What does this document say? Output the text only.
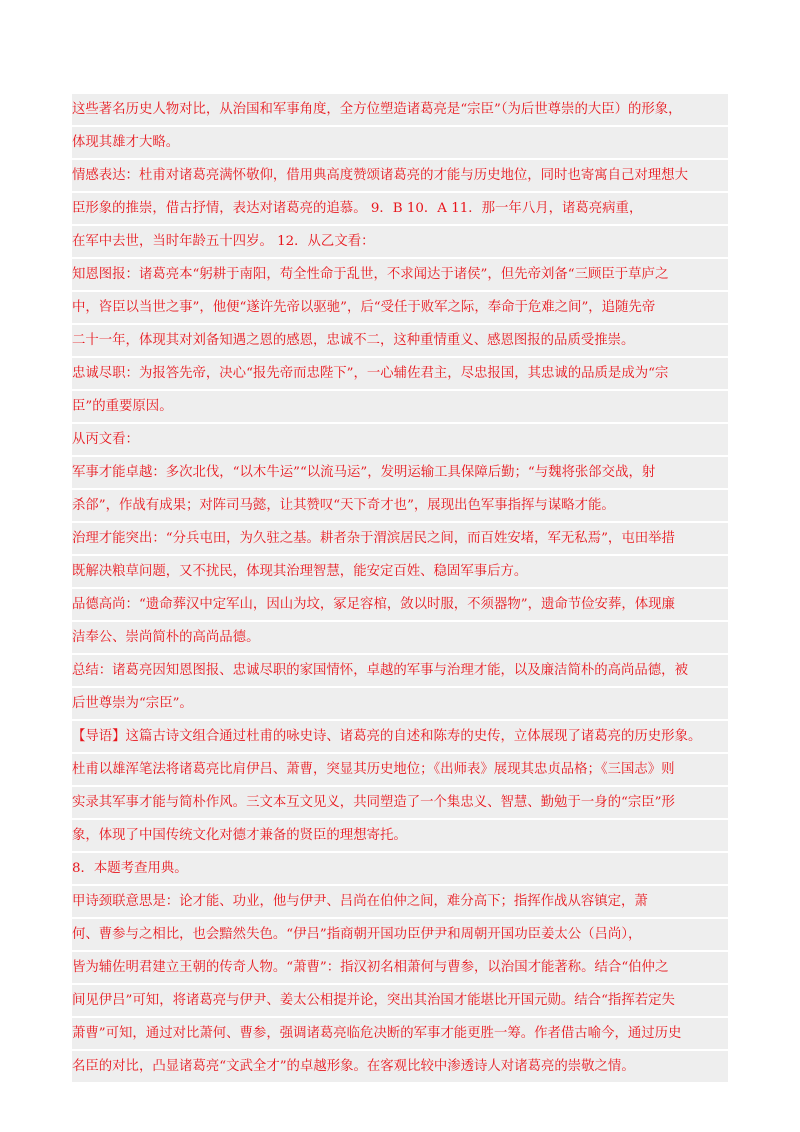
这些著名历史人物对比，从治国和军事角度，全方位塑造诸葛亮是“宗臣”（为后世尊崇的大臣）的形象，
体现其雄才大略。
情感表达：杜甫对诸葛亮满怀敬仰，借用典高度赞颂诸葛亮的才能与历史地位，同时也寄寓自己对理想大
臣形象的推崇，借古抒情，表达对诸葛亮的追慕。 9．B 10．A 11．那一年八月，诸葛亮病重，
在军中去世，当时年龄五十四岁。 12．从乙文看：
知恩图报：诸葛亮本“躬耕于南阳，苟全性命于乱世，不求闻达于诸侯”，但先帝刘备“三顾臣于草庐之
中，咨臣以当世之事”，他便“遂许先帝以驱驰”，后“受任于败军之际，奉命于危难之间”，追随先帝
二十一年，体现其对刘备知遇之恩的感恩，忠诚不二，这种重情重义、感恩图报的品质受推崇。
忠诚尽职：为报答先帝，决心“报先帝而忠陛下”，一心辅佐君主，尽忠报国，其忠诚的品质是成为“宗
臣”的重要原因。
从丙文看：
军事才能卓越：多次北伐，“以木牛运”“以流马运”，发明运输工具保障后勤；“与魏将张郃交战，射
杀郃”，作战有成果；对阵司马懿，让其赞叹“天下奇才也”，展现出色军事指挥与谋略才能。
治理才能突出：“分兵屯田，为久驻之基。耕者杂于渭滨居民之间，而百姓安堵，军无私焉”，屯田举措
既解决粮草问题，又不扰民，体现其治理智慧，能安定百姓、稳固军事后方。
品德高尚：“遗命葬汉中定军山，因山为坟，冢足容棺，敛以时服，不须器物”，遗命节俭安葬，体现廉
洁奉公、崇尚简朴的高尚品德。
总结：诸葛亮因知恩图报、忠诚尽职的家国情怀，卓越的军事与治理才能，以及廉洁简朴的高尚品德，被
后世尊崇为“宗臣”。
【导语】这篇古诗文组合通过杜甫的咏史诗、诸葛亮的自述和陈寿的史传，立体展现了诸葛亮的历史形象。
杜甫以雄浑笔法将诸葛亮比肩伊吕、萧曹，突显其历史地位；《出师表》展现其忠贞品格；《三国志》则
实录其军事才能与简朴作风。三文本互文见义，共同塑造了一个集忠义、智慧、勤勉于一身的“宗臣”形
象，体现了中国传统文化对德才兼备的贤臣的理想寄托。
8．本题考查用典。
甲诗颈联意思是：论才能、功业，他与伊尹、吕尚在伯仲之间，难分高下；指挥作战从容镇定，萧
何、曹参与之相比，也会黯然失色。“伊吕”指商朝开国功臣伊尹和周朝开国功臣姜太公（吕尚），
皆为辅佐明君建立王朝的传奇人物。“萧曹”：指汉初名相萧何与曹参，以治国才能著称。结合“伯仲之
间见伊吕”可知，将诸葛亮与伊尹、姜太公相提并论，突出其治国才能堪比开国元勋。结合“指挥若定失
萧曹”可知，通过对比萧何、曹参，强调诸葛亮临危决断的军事才能更胜一筹。作者借古喻今，通过历史
名臣的对比，凸显诸葛亮“文武全才”的卓越形象。在客观比较中渗透诗人对诸葛亮的崇敬之情。
